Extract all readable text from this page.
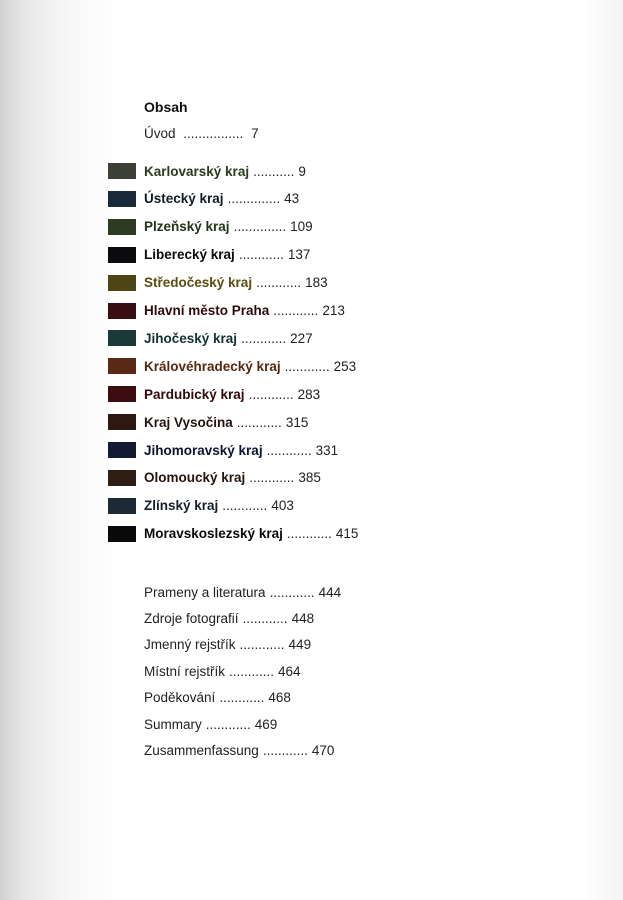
Obsah
Úvod ................ 7
Karlovarský kraj ........... 9
Ústecký kraj .............. 43
Plzeňský kraj .............. 109
Liberecký kraj ............ 137
Středočeský kraj ............ 183
Hlavní město Praha ............ 213
Jihočeský kraj ............ 227
Královéhradecký kraj ............ 253
Pardubický kraj ............ 283
Kraj Vysočina ............ 315
Jihomoravský kraj ............ 331
Olomoucký kraj ............ 385
Zlínský kraj ............ 403
Moravskoslezský kraj ............ 415
Prameny a literatura ............ 444
Zdroje fotografií ............ 448
Jmenný rejstřík ............ 449
Místní rejstřík ............ 464
Poděkování ............ 468
Summary ............ 469
Zusammenfassung ............ 470
